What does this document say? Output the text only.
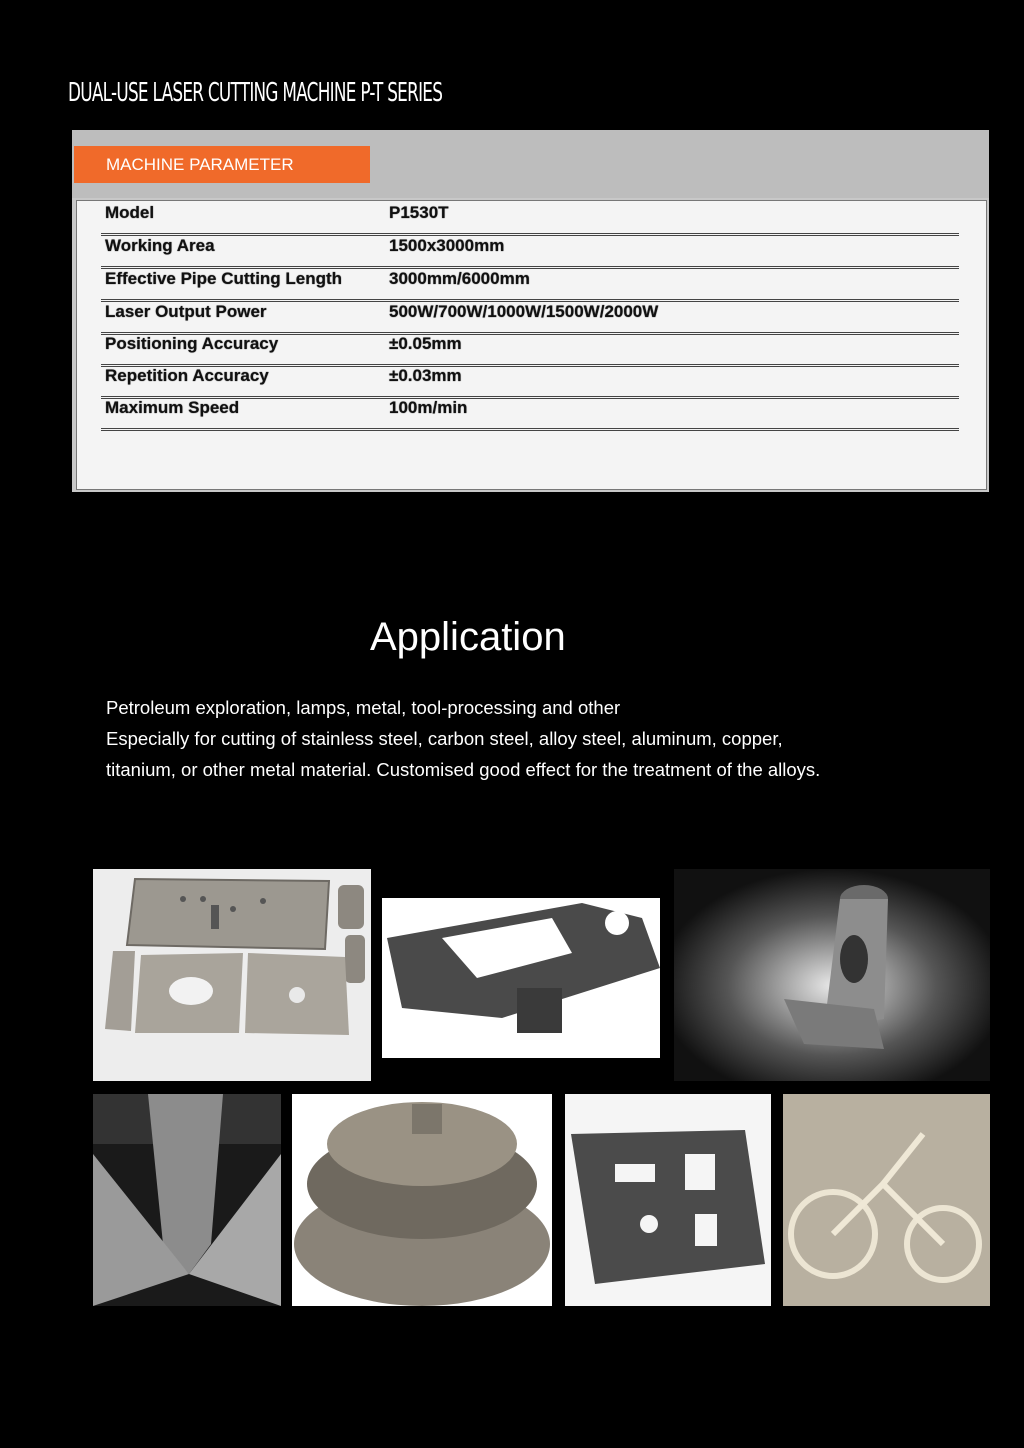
DUAL-USE LASER CUTTING MACHINE P-T SERIES
MACHINE PARAMETER
Model	P1530T
Working Area	1500x3000mm
Effective Pipe Cutting Length	3000mm/6000mm
Laser Output Power	500W/700W/1000W/1500W/2000W
Positioning Accuracy	±0.05mm
Repetition Accuracy	±0.03mm
Maximum Speed	100m/min
Application

Petroleum exploration, lamps, metal, tool-processing and other

Especially for cutting of stainless steel, carbon steel, alloy steel, aluminum, copper,

titanium, or other metal material. Customised good effect for the treatment of the alloys.
